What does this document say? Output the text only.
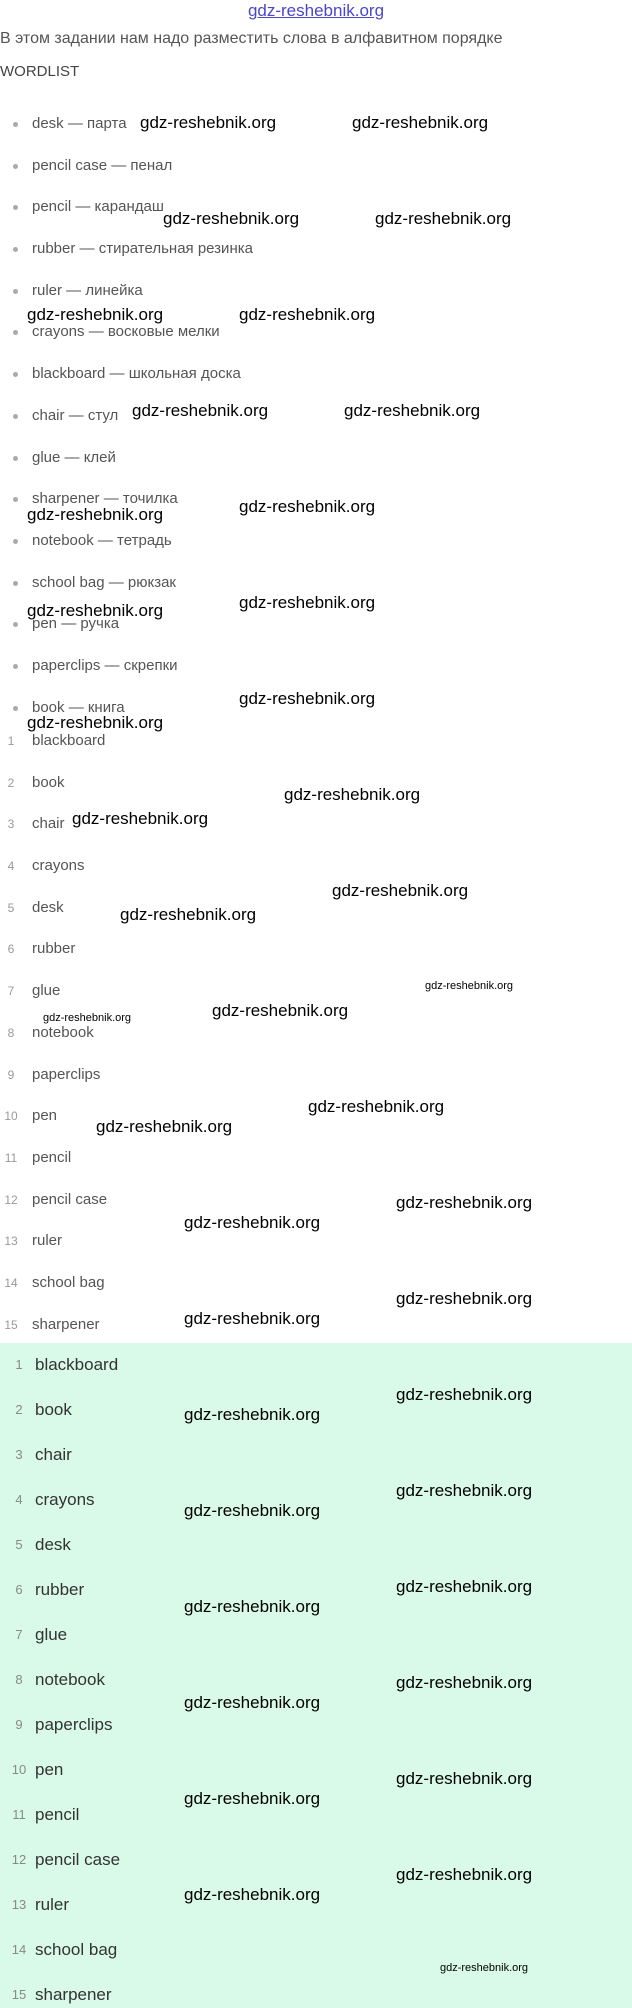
gdz-reshebnik.org
В этом задании нам надо разместить слова в алфавитном порядке
WORDLIST
desk — парта
pencil case — пенал
pencil — карандаш
rubber — стирательная резинка
ruler — линейка
crayons — восковые мелки
blackboard — школьная доска
chair — стул
glue — клей
sharpener — точилка
notebook — тетрадь
school bag — рюкзак
pen — ручка
paperclips — скрепки
book — книга
1	blackboard
2	book
3	chair
4	crayons
5	desk
6	rubber
7	glue
8	notebook
9	paperclips
10 pen
11 pencil
12 pencil case
13 ruler
14 school bag
15 sharpener
1 blackboard
2 book
3 chair
4 crayons
5 desk
6 rubber
7 glue
8 notebook
9 paperclips
10 pen
11 pencil
12 pencil case
13 ruler
14 school bag
15 sharpener
gdz-reshebnik.org	gdz-reshebnik.org
gdz-reshebnik.org	gdz-reshebnik.org
gdz-reshebnik.org	gdz-reshebnik.org
gdz-reshebnik.org	gdz-reshebnik.org
gdz-reshebnik.org	gdz-reshebnik.org
gdz-reshebnik.org	gdz-reshebnik.org
gdz-reshebnik.org
gdz-reshebnik.org
gdz-reshebnik.org
gdz-reshebnik.org
gdz-reshebnik.org
gdz-reshebnik.org
gdz-reshebnik.org
gdz-reshebnik.org	gdz-reshebnik.org
gdz-reshebnik.org
gdz-reshebnik.org
gdz-reshebnik.org
gdz-reshebnik.org
gdz-reshebnik.org
gdz-reshebnik.org
gdz-reshebnik.org
gdz-reshebnik.org
gdz-reshebnik.org
gdz-reshebnik.org
gdz-reshebnik.org
gdz-reshebnik.org
gdz-reshebnik.org
gdz-reshebnik.org
gdz-reshebnik.org
gdz-reshebnik.org
gdz-reshebnik.org
gdz-reshebnik.org
gdz-reshebnik.org
